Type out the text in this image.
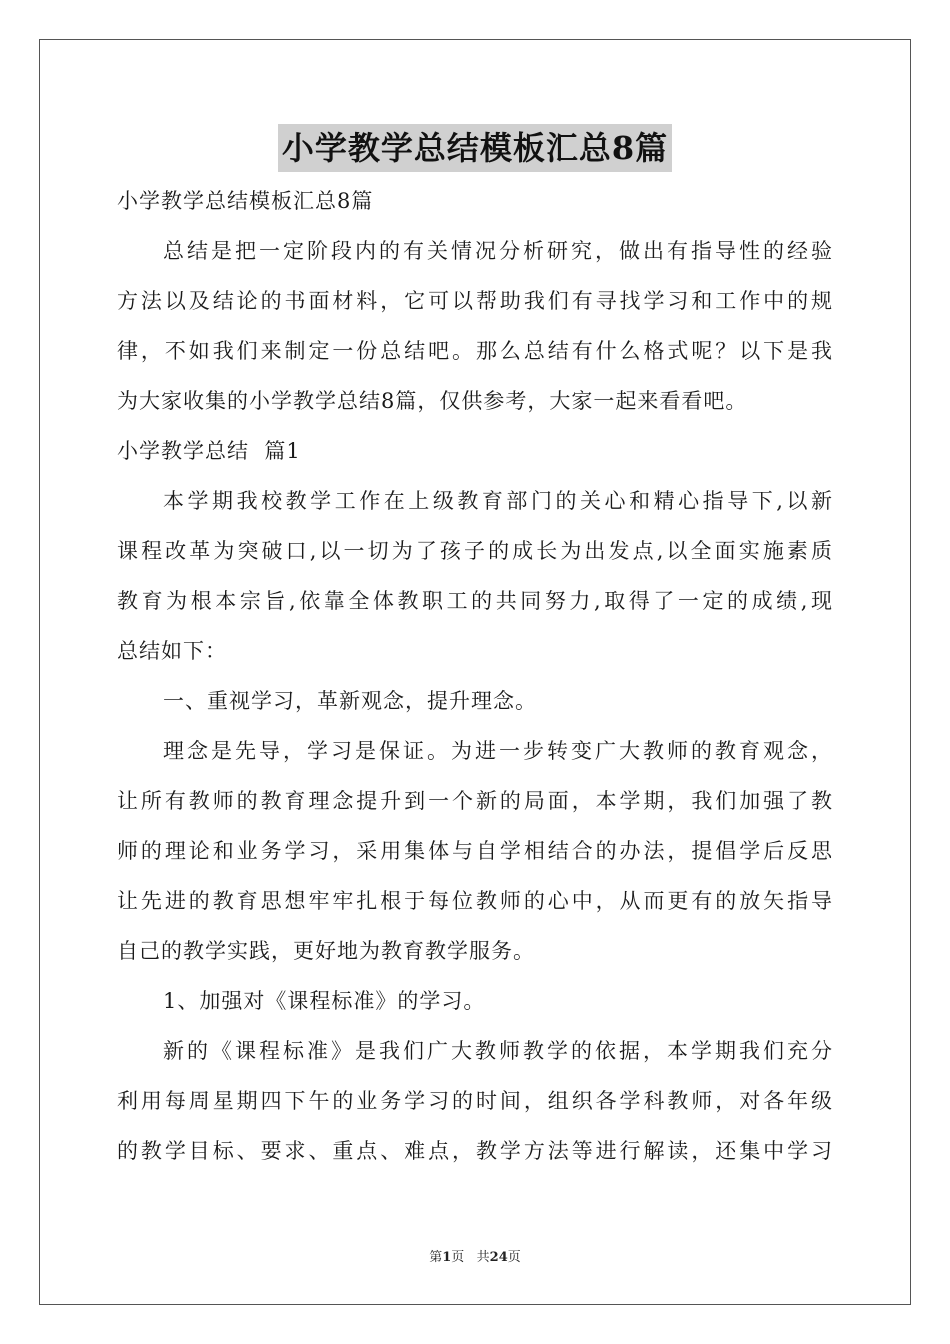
小学教学总结模板汇总8篇
小学教学总结模板汇总8篇
总结是把一定阶段内的有关情况分析研究，做出有指导性的经验
方法以及结论的书面材料，它可以帮助我们有寻找学习和工作中的规
律，不如我们来制定一份总结吧。那么总结有什么格式呢？以下是我
为大家收集的小学教学总结8篇，仅供参考，大家一起来看看吧。
小学教学总结  篇1
本学期我校教学工作在上级教育部门的关心和精心指导下,以新
课程改革为突破口,以一切为了孩子的成长为出发点,以全面实施素质
教育为根本宗旨,依靠全体教职工的共同努力,取得了一定的成绩,现
总结如下：
一、重视学习，革新观念，提升理念。
理念是先导，学习是保证。为进一步转变广大教师的教育观念，
让所有教师的教育理念提升到一个新的局面，本学期，我们加强了教
师的理论和业务学习，采用集体与自学相结合的办法，提倡学后反思
让先进的教育思想牢牢扎根于每位教师的心中，从而更有的放矢指导
自己的教学实践，更好地为教育教学服务。
1、加强对《课程标准》的学习。
新的《课程标准》是我们广大教师教学的依据，本学期我们充分
利用每周星期四下午的业务学习的时间，组织各学科教师，对各年级
的教学目标、要求、重点、难点，教学方法等进行解读，还集中学习
第1页   共24页
